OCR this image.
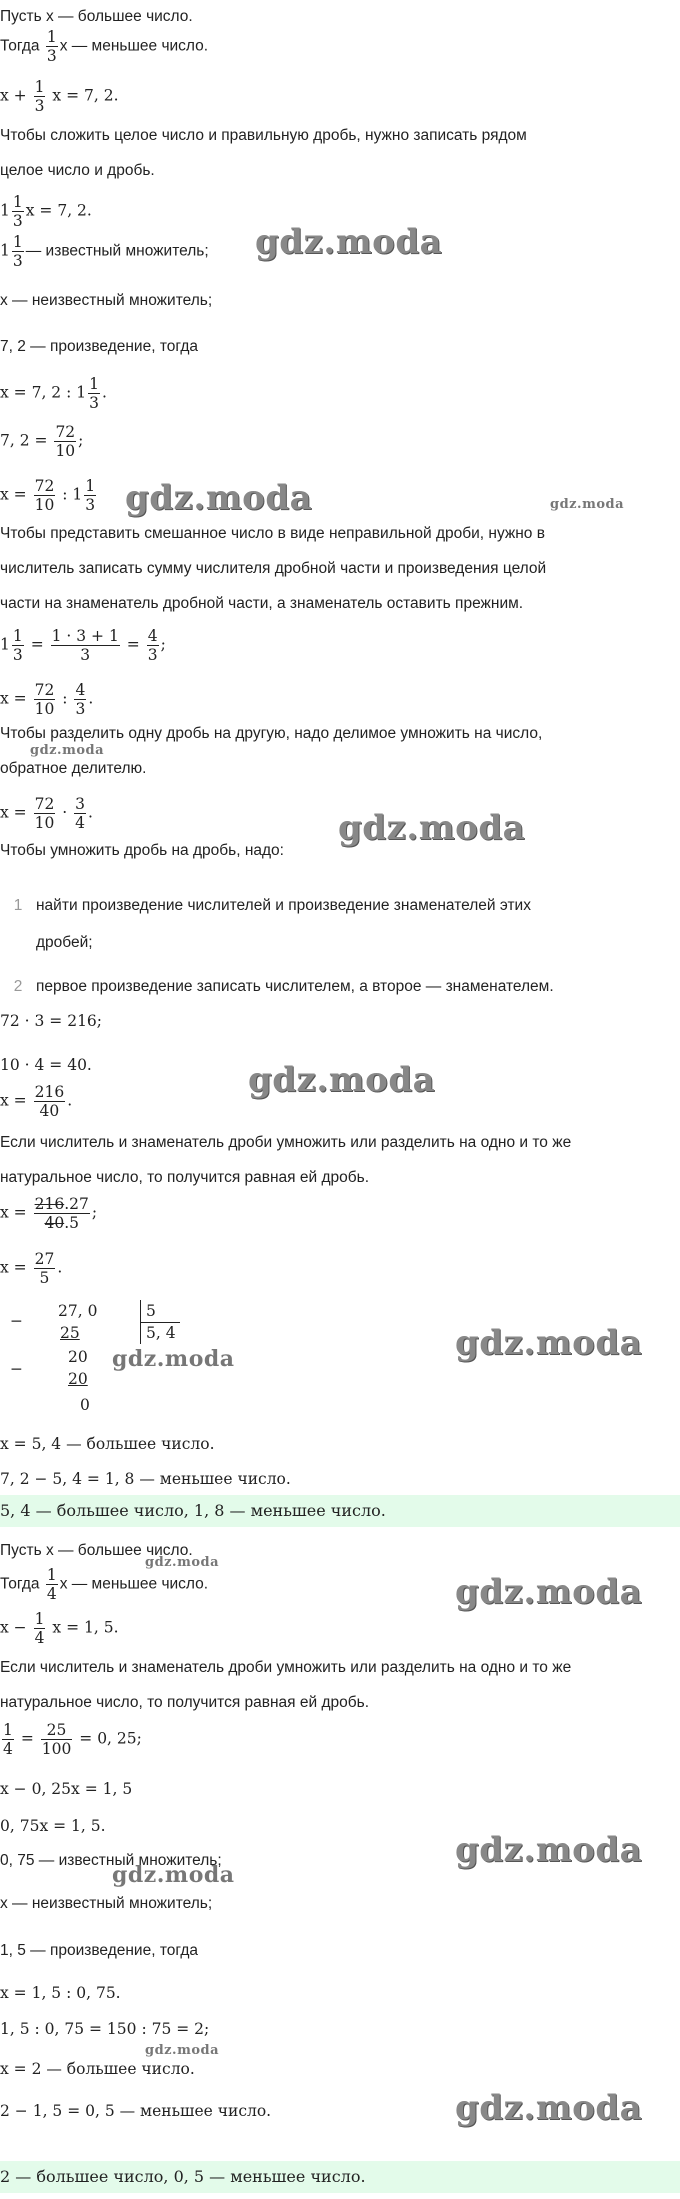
Пусть x — большее число.
Тогда $\frac{1}{3}$ x — меньшее число.
$x + \frac{1}{3}$ x = 7, 2.
Чтобы сложить целое число и правильную дробь, нужно записать рядом
целое число и дробь.
$1 \frac{1}{3}$ x = 7, 2.
$1 \frac{1}{3}$ — известный множитель;
x — неизвестный множитель;
7, 2 — произведение, тогда
x = 7, 2 : $1 \frac{1}{3}$ .
7, $2 = \frac{72}{10}$ ;
$x = \frac{72}{10}$ : $1 \frac{1}{3}$
Чтобы представить смешанное число в виде неправильной дроби, нужно в
числитель записать сумму числителя дробной части и произведения целой
части на знаменатель дробной части, а знаменатель оставить прежним.
$1 \frac{1}{3} = \frac{1 \cdot 3 + 1}{3} = \frac{4}{3}$ ;
$x = \frac{72}{10}$ : $\frac{4}{3}$ .
Чтобы разделить одну дробь на другую, надо делимое умножить на число,
обратное делителю.
$x = \frac{72}{10} \cdot \frac{3}{4}$ .
Чтобы умножить дробь на дробь, надо:
1 найти произведение числителей и произведение знаменателей этих
дробей;
2 первое произведение записать числителем, а второе — знаменателем.
72 · 3 = 216;
10 · 4 = 40.
$x = \frac{216}{40}$ .
Если числитель и знаменатель дроби умножить или разделить на одно и то же
натуральное число, то получится равная ей дробь.
$x = \frac{216.27}{40.5}$ ;
$x = \frac{27}{5}$ .
−
27, 0
25
−
20
20
0
5
5, 4
x = 5, 4 — большее число.
7, 2 − 5, 4 = 1, 8 — меньшее число.
5, 4 — большее число, 1, 8 — меньшее число.
Пусть x — большее число.
Тогда $\frac{1}{4}$ x — меньшее число.
$x - \frac{1}{4}$ x = 1, 5.
Если числитель и знаменатель дроби умножить или разделить на одно и то же
натуральное число, то получится равная ей дробь.
$\frac{1}{4} = \frac{25}{100} = 0$, 25;
x − 0, 25x = 1, 5
0, 75x = 1, 5.
0, 75 — известный множитель;
x — неизвестный множитель;
1, 5 — произведение, тогда
x = 1, 5 : 0, 75.
1, 5 : 0, 75 = 150 : 75 = 2;
x = 2 — большее число.
2 − 1, 5 = 0, 5 — меньшее число.
2 — большее число, 0, 5 — меньшее число.
gdz.moda
gdz.moda	gdz.moda
gdz.moda
gdz.moda
gdz.moda
gdz.moda
gdz.moda
gdz.moda
gdz.moda
gdz.moda
gdz.moda
gdz.moda
gdz.moda
